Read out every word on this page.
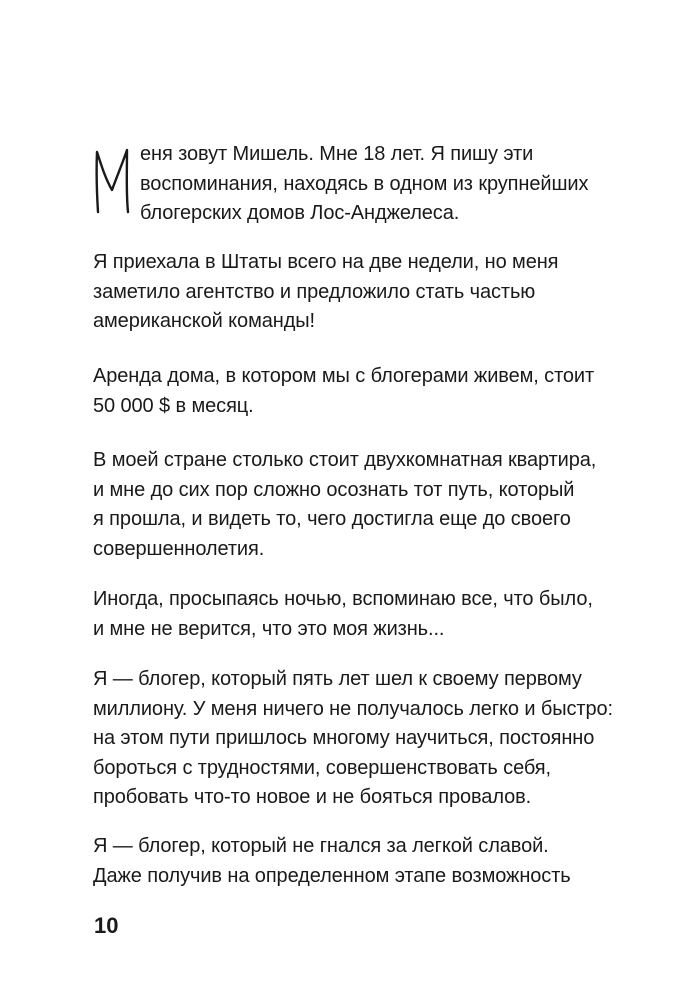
еня зовут Мишель. Мне 18 лет. Я пишу эти
воспоминания, находясь в одном из крупнейших
блогерских домов Лос-Анджелеса.
Я приехала в Штаты всего на две недели, но меня
заметило агентство и предложило стать частью
американской команды!
Аренда дома, в котором мы с блогерами живем, стоит
50 000 $ в месяц.
В моей стране столько стоит двухкомнатная квартира,
и мне до сих пор сложно осознать тот путь, который
я прошла, и видеть то, чего достигла еще до своего
совершеннолетия.
Иногда, просыпаясь ночью, вспоминаю все, что было,
и мне не верится, что это моя жизнь...
Я — блогер, который пять лет шел к своему первому
миллиону. У меня ничего не получалось легко и быстро:
на этом пути пришлось многому научиться, постоянно
бороться с трудностями, совершенствовать себя,
пробовать что-то новое и не бояться провалов.
Я — блогер, который не гнался за легкой славой.
Даже получив на определенном этапе возможность
10
